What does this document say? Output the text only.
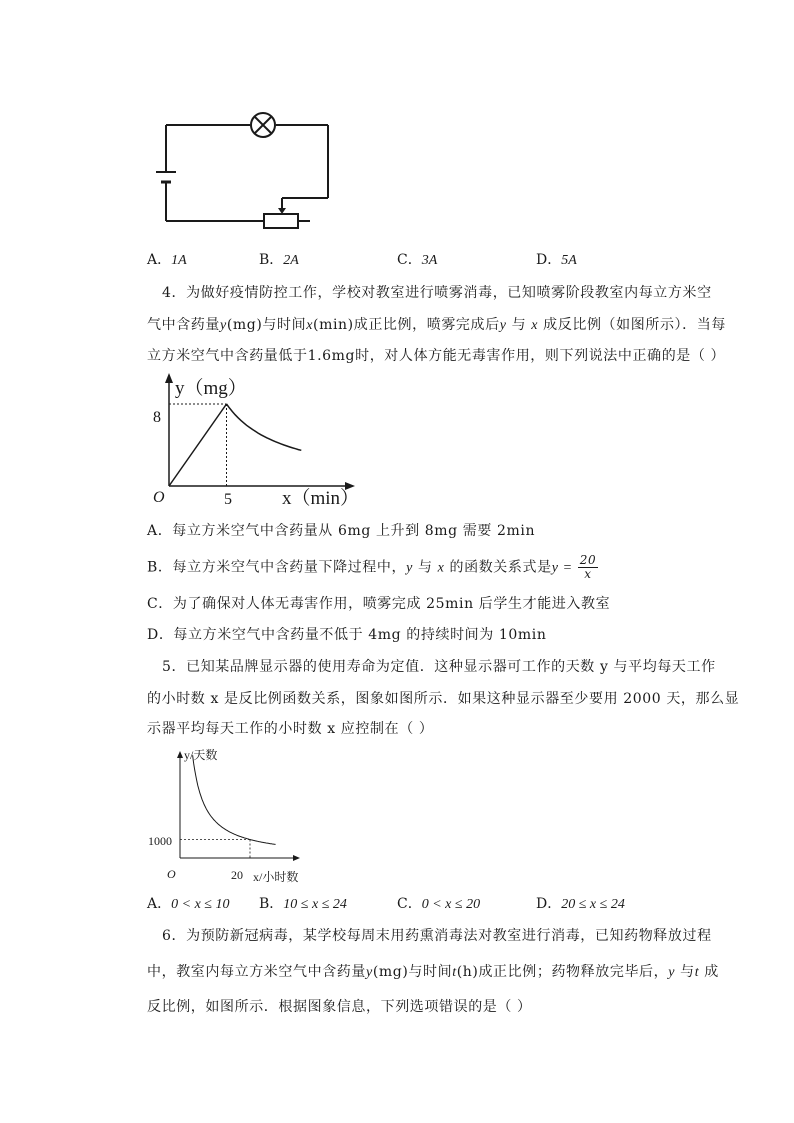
A．1A	B．2A	C．3A	D．5A
4．为做好疫情防控工作，学校对教室进行喷雾消毒，已知喷雾阶段教室内每立方米空
气中含药量y(mg)与时间x(min)成正比例，喷雾完成后y 与 x 成反比例（如图所示）．当每
立方米空气中含药量低于1.6mg时，对人体方能无毒害作用，则下列说法中正确的是（ ）
y（mg）
x（min）
O
8
5
A．每立方米空气中含药量从 6mg 上升到 8mg 需要 2min
B．每立方米空气中含药量下降过程中，y 与 x 的函数关系式是$y = \frac{20}{x}$
C．为了确保对人体无毒害作用，喷雾完成 25min 后学生才能进入教室
D．每立方米空气中含药量不低于 4mg 的持续时间为 10min
5．已知某品牌显示器的使用寿命为定值．这种显示器可工作的天数 y 与平均每天工作
的小时数 x 是反比例函数关系，图象如图所示．如果这种显示器至少要用 2000 天，那么显
示器平均每天工作的小时数 x 应控制在（ ）
y/天数
x/小时数
O
1000
20
A．0 < x ≤ 10 B．10 ≤ x ≤ 24	C．0 < x ≤ 20	D．20 ≤ x ≤ 24
6．为预防新冠病毒，某学校每周末用药熏消毒法对教室进行消毒，已知药物释放过程
中，教室内每立方米空气中含药量y(mg)与时间t(h)成正比例；药物释放完毕后，y 与t 成
反比例，如图所示．根据图象信息，下列选项错误的是（ ）
